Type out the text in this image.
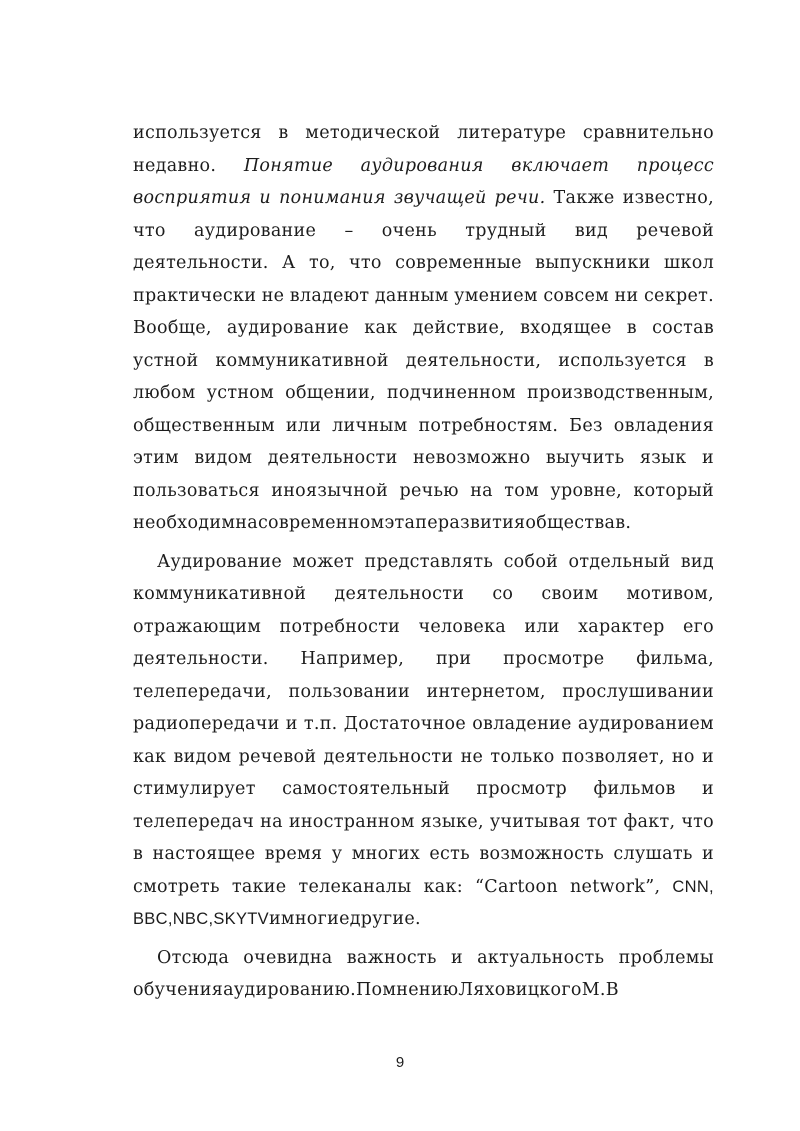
используется в методической литературе сравнительно
недавно. Понятие аудирования включает процесс
восприятия и понимания звучащей речи. Также известно,
что аудирование – очень трудный вид речевой
деятельности. А то, что современные выпускники школ
практически не владеют данным умением совсем ни секрет.
Вообще, аудирование как действие, входящее в состав
устной коммуникативной деятельности, используется в
любом устном общении, подчиненном производственным,
общественным или личным потребностям. Без овладения
этим видом деятельности невозможно выучить язык и
пользоваться иноязычной речью на том уровне, который
необходим на современном этапе развития общества в.
Аудирование может представлять собой отдельный вид
коммуникативной деятельности со своим мотивом,
отражающим потребности человека или характер его
деятельности. Например, при просмотре фильма,
телепередачи, пользовании интернетом, прослушивании
радиопередачи и т.п. Достаточное овладение аудированием
как видом речевой деятельности не только позволяет, но и
стимулирует самостоятельный просмотр фильмов и
телепередач на иностранном языке, учитывая тот факт, что
в настоящее время у многих есть возможность слушать и
смотреть такие телеканалы как: “Cartoon network”, CNN,
BBC, NBC, SKY TV и многие другие.
Отсюда очевидна важность и актуальность проблемы
обучения аудированию. По мнению Ляховицкого М.В
9
